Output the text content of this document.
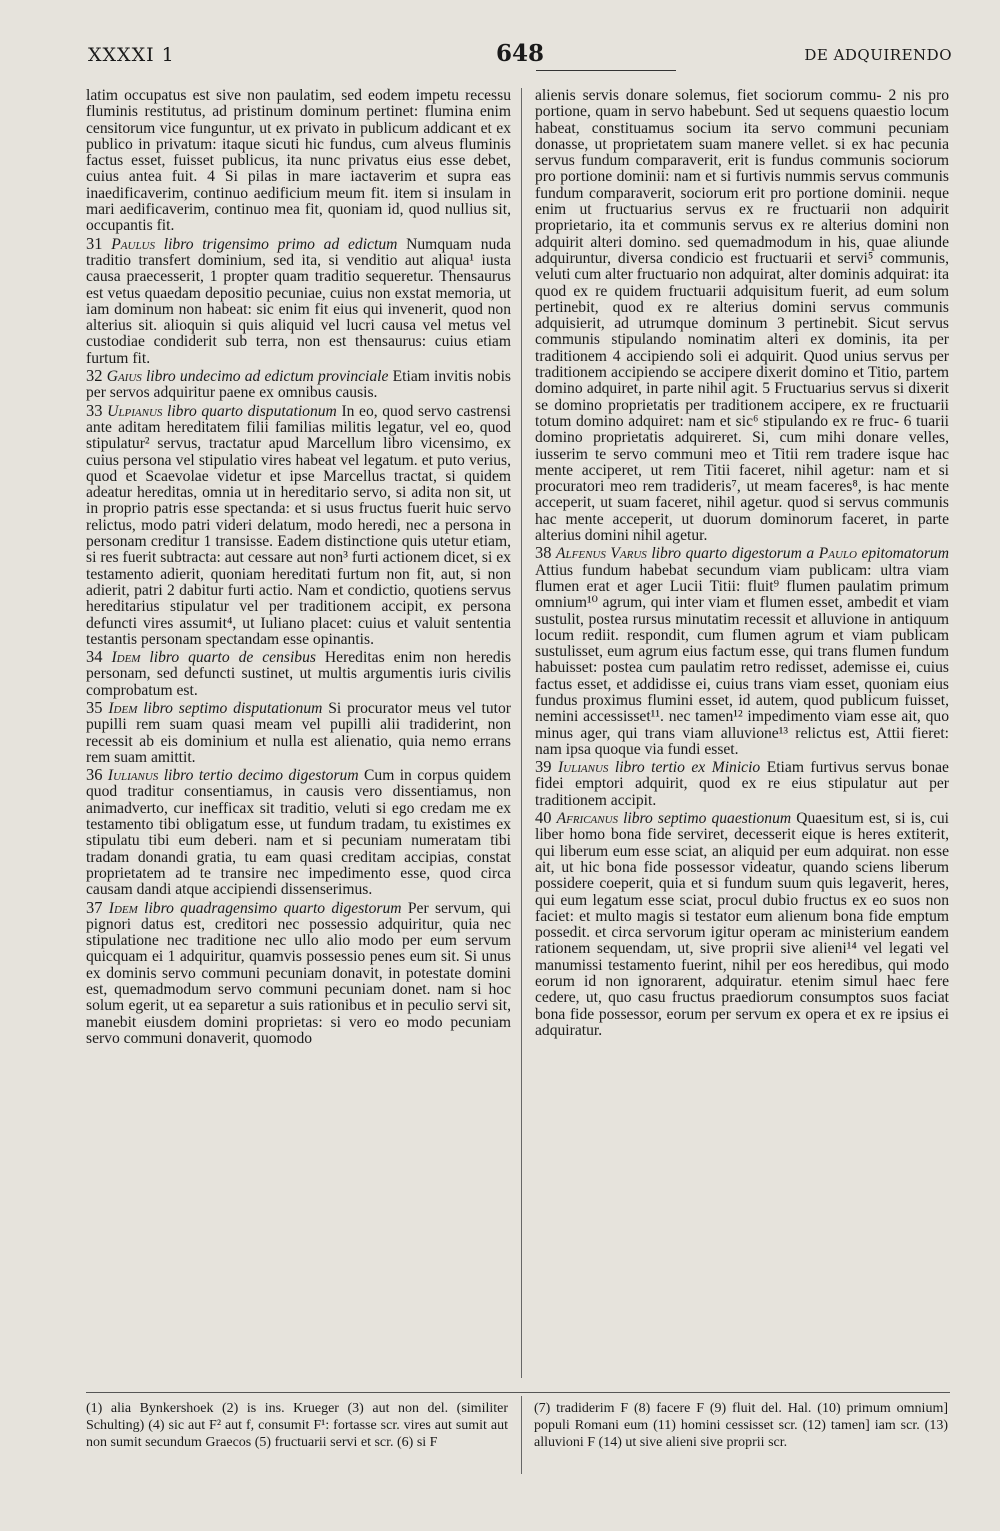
XXXXI 1	648	DE ADQUIRENDO

latim occupatus est sive non paulatim, sed eodem impetu recessu fluminis restitutus, ad pristinum dominum pertinet: flumina enim censitorum vice funguntur, ut ex privato in publicum addicant et ex publico in privatum: itaque sicuti hic fundus, cum alveus fluminis factus esset, fuisset publicus, ita nunc privatus eius esse debet, cuius antea fuit. 4 Si pilas in mare iactaverim et supra eas inaedificaverim, continuo aedificium meum fit. item si insulam in mari aedificaverim, continuo mea fit, quoniam id, quod nullius sit, occupantis fit.

31 Paulus libro trigensimo primo ad edictum Numquam nuda traditio transfert dominium, sed ita, si venditio aut aliqua¹ iusta causa praecesserit, 1 propter quam traditio sequeretur. Thensaurus est vetus quaedam depositio pecuniae, cuius non exstat memoria, ut iam dominum non habeat: sic enim fit eius qui invenerit, quod non alterius sit. alioquin si quis aliquid vel lucri causa vel metus vel custodiae condiderit sub terra, non est thensaurus: cuius etiam furtum fit.

32 Gaius libro undecimo ad edictum provinciale Etiam invitis nobis per servos adquiritur paene ex omnibus causis.

33 Ulpianus libro quarto disputationum In eo, quod servo castrensi ante aditam hereditatem filii familias militis legatur, vel eo, quod stipulatur² servus, tractatur apud Marcellum libro vicensimo, ex cuius persona vel stipulatio vires habeat vel legatum. et puto verius, quod et Scaevolae videtur et ipse Marcellus tractat, si quidem adeatur hereditas, omnia ut in hereditario servo, si adita non sit, ut in proprio patris esse spectanda: et si usus fructus fuerit huic servo relictus, modo patri videri delatum, modo heredi, nec a persona in personam creditur 1 transisse. Eadem distinctione quis utetur etiam, si res fuerit subtracta: aut cessare aut non³ furti actionem dicet, si ex testamento adierit, quoniam hereditati furtum non fit, aut, si non adierit, patri 2 dabitur furti actio. Nam et condictio, quotiens servus hereditarius stipulatur vel per traditionem accipit, ex persona defuncti vires assumit⁴, ut Iuliano placet: cuius et valuit sententia testantis personam spectandam esse opinantis.

34 Idem libro quarto de censibus Hereditas enim non heredis personam, sed defuncti sustinet, ut multis argumentis iuris civilis comprobatum est.

35 Idem libro septimo disputationum Si procurator meus vel tutor pupilli rem suam quasi meam vel pupilli alii tradiderint, non recessit ab eis dominium et nulla est alienatio, quia nemo errans rem suam amittit.

36 Iulianus libro tertio decimo digestorum Cum in corpus quidem quod traditur consentiamus, in causis vero dissentiamus, non animadverto, cur inefficax sit traditio, veluti si ego credam me ex testamento tibi obligatum esse, ut fundum tradam, tu existimes ex stipulatu tibi eum deberi. nam et si pecuniam numeratam tibi tradam donandi gratia, tu eam quasi creditam accipias, constat proprietatem ad te transire nec impedimento esse, quod circa causam dandi atque accipiendi dissenserimus.

37 Idem libro quadragensimo quarto digestorum Per servum, qui pignori datus est, creditori nec possessio adquiritur, quia nec stipulatione nec traditione nec ullo alio modo per eum servum quicquam ei 1 adquiritur, quamvis possessio penes eum sit. Si unus ex dominis servo communi pecuniam donavit, in potestate domini est, quemadmodum servo communi pecuniam donet. nam si hoc solum egerit, ut ea separetur a suis rationibus et in peculio servi sit, manebit eiusdem domini proprietas: si vero eo modo pecuniam servo communi donaverit, quomodo

alienis servis donare solemus, fiet sociorum commu- 2 nis pro portione, quam in servo habebunt. Sed ut sequens quaestio locum habeat, constituamus socium ita servo communi pecuniam donasse, ut proprietatem suam manere vellet. si ex hac pecunia servus fundum comparaverit, erit is fundus communis sociorum pro portione dominii: nam et si furtivis nummis servus communis fundum comparaverit, sociorum erit pro portione dominii. neque enim ut fructuarius servus ex re fructuarii non adquirit proprietario, ita et communis servus ex re alterius domini non adquirit alteri domino. sed quemadmodum in his, quae aliunde adquiruntur, diversa condicio est fructuarii et servi⁵ communis, veluti cum alter fructuario non adquirat, alter dominis adquirat: ita quod ex re quidem fructuarii adquisitum fuerit, ad eum solum pertinebit, quod ex re alterius domini servus communis adquisierit, ad utrumque dominum 3 pertinebit. Sicut servus communis stipulando nominatim alteri ex dominis, ita per traditionem 4 accipiendo soli ei adquirit. Quod unius servus per traditionem accipiendo se accipere dixerit domino et Titio, partem domino adquiret, in parte nihil agit. 5 Fructuarius servus si dixerit se domino proprietatis per traditionem accipere, ex re fructuarii totum domino adquiret: nam et sic⁶ stipulando ex re fruc- 6 tuarii domino proprietatis adquireret. Si, cum mihi donare velles, iusserim te servo communi meo et Titii rem tradere isque hac mente acciperet, ut rem Titii faceret, nihil agetur: nam et si procuratori meo rem tradideris⁷, ut meam faceres⁸, is hac mente acceperit, ut suam faceret, nihil agetur. quod si servus communis hac mente acceperit, ut duorum dominorum faceret, in parte alterius domini nihil agetur.

38 Alfenus Varus libro quarto digestorum a Paulo epitomatorum Attius fundum habebat secundum viam publicam: ultra viam flumen erat et ager Lucii Titii: fluit⁹ flumen paulatim primum omnium¹⁰ agrum, qui inter viam et flumen esset, ambedit et viam sustulit, postea rursus minutatim recessit et alluvione in antiquum locum rediit. respondit, cum flumen agrum et viam publicam sustulisset, eum agrum eius factum esse, qui trans flumen fundum habuisset: postea cum paulatim retro redisset, ademisse ei, cuius factus esset, et addidisse ei, cuius trans viam esset, quoniam eius fundus proximus flumini esset, id autem, quod publicum fuisset, nemini accessisset¹¹. nec tamen¹² impedimento viam esse ait, quo minus ager, qui trans viam alluvione¹³ relictus est, Attii fieret: nam ipsa quoque via fundi esset.

39 Iulianus libro tertio ex Minicio Etiam furtivus servus bonae fidei emptori adquirit, quod ex re eius stipulatur aut per traditionem accipit.

40 Africanus libro septimo quaestionum Quaesitum est, si is, cui liber homo bona fide serviret, decesserit eique is heres extiterit, qui liberum eum esse sciat, an aliquid per eum adquirat. non esse ait, ut hic bona fide possessor videatur, quando sciens liberum possidere coeperit, quia et si fundum suum quis legaverit, heres, qui eum legatum esse sciat, procul dubio fructus ex eo suos non faciet: et multo magis si testator eum alienum bona fide emptum possedit. et circa servorum igitur operam ac ministerium eandem rationem sequendam, ut, sive proprii sive alieni¹⁴ vel legati vel manumissi testamento fuerint, nihil per eos heredibus, qui modo eorum id non ignorarent, adquiratur. etenim simul haec fere cedere, ut, quo casu fructus praediorum consumptos suos faciat bona fide possessor, eorum per servum ex opera et ex re ipsius ei adquiratur.

(1) alia Bynkershoek (2) is ins. Krueger (3) aut non del. (similiter Schulting) (4) sic aut F² aut f, consumit F¹: fortasse scr. vires aut sumit aut non sumit secundum Graecos (5) fructuarii servi et scr. (6) si F
(7) tradiderim F (8) facere F (9) fluit del. Hal. (10) primum omnium] populi Romani eum (11) homini cessisset scr. (12) tamen] iam scr. (13) alluvioni F (14) ut sive alieni sive proprii scr.
